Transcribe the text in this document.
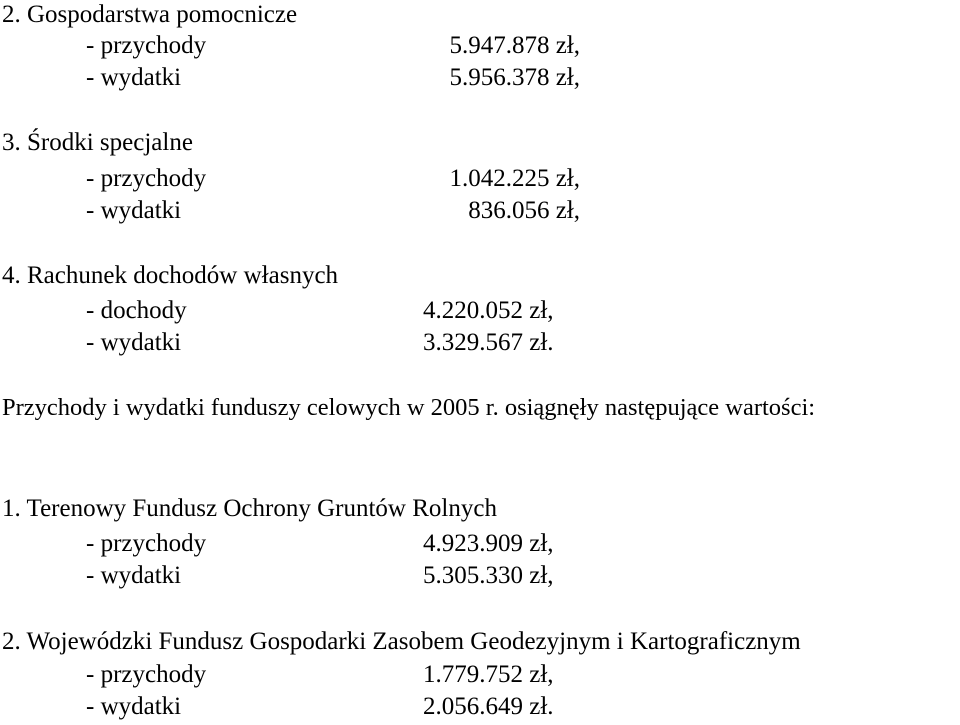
2. Gospodarstwa pomocnicze
- przychody	5.947.878 zł,
- wydatki	5.956.378 zł,
3. Środki specjalne
- przychody	1.042.225 zł,
- wydatki	836.056 zł,
4. Rachunek dochodów własnych
- dochody	4.220.052 zł,
- wydatki	3.329.567 zł.
Przychody i wydatki funduszy celowych w 2005 r. osiągnęły następujące wartości:
1. Terenowy Fundusz Ochrony Gruntów Rolnych
- przychody	4.923.909 zł,
- wydatki	5.305.330 zł,
2. Wojewódzki Fundusz Gospodarki Zasobem Geodezyjnym i Kartograficznym
- przychody	1.779.752 zł,
- wydatki	2.056.649 zł.
